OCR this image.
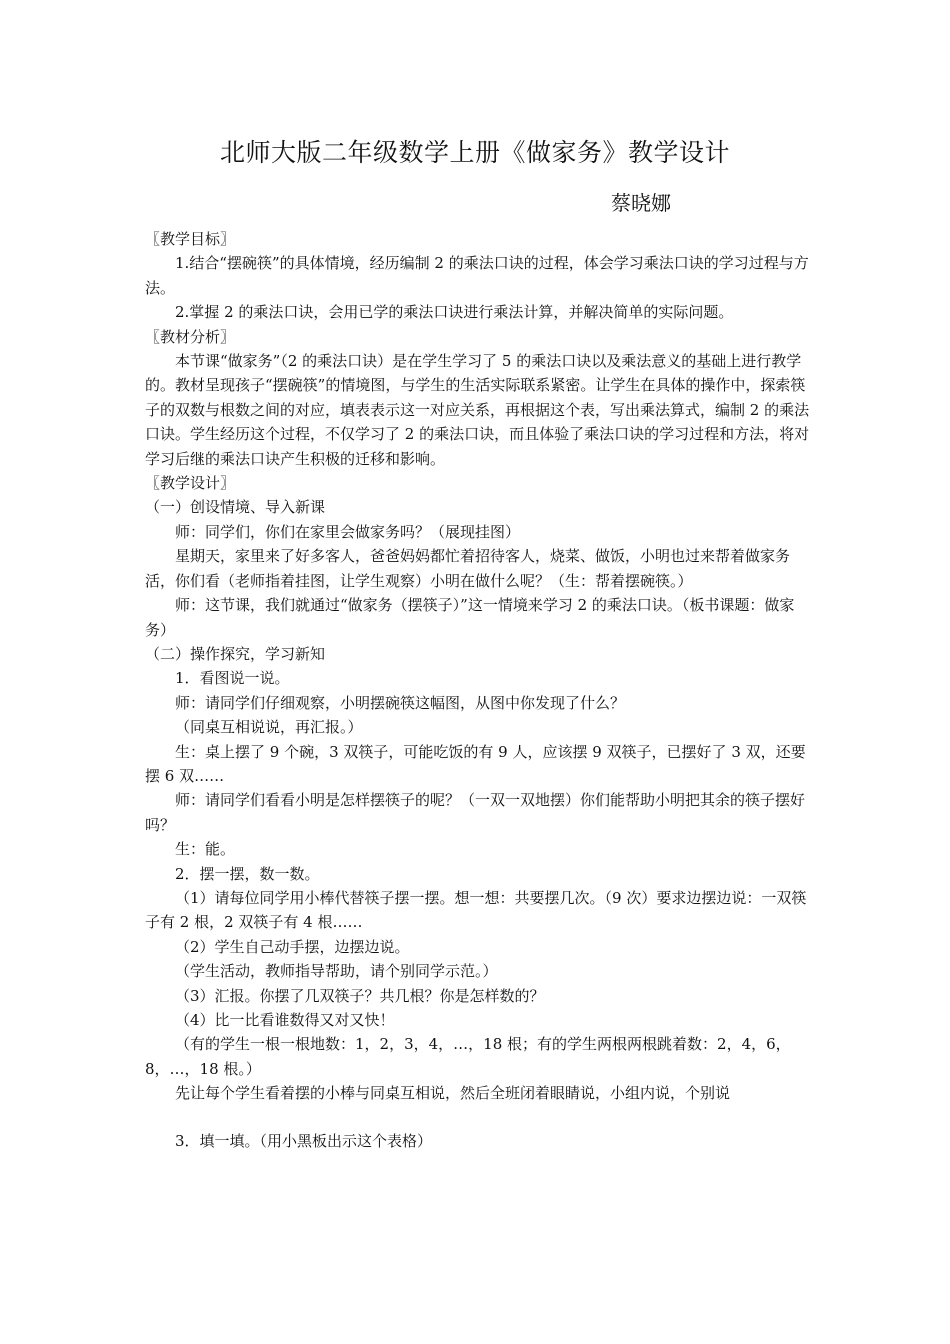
北师大版二年级数学上册《做家务》教学设计
蔡晓娜

〖教学目标〗

1.结合“摆碗筷”的具体情境，经历编制 2 的乘法口诀的过程，体会学习乘法口诀的学习过程与方法。

2.掌握 2 的乘法口诀，会用已学的乘法口诀进行乘法计算，并解决简单的实际问题。

〖教材分析〗

本节课“做家务”（2 的乘法口诀）是在学生学习了 5 的乘法口诀以及乘法意义的基础上进行教学的。教材呈现孩子“摆碗筷”的情境图，与学生的生活实际联系紧密。让学生在具体的操作中，探索筷子的双数与根数之间的对应，填表表示这一对应关系，再根据这个表，写出乘法算式，编制 2 的乘法口诀。学生经历这个过程，不仅学习了 2 的乘法口诀，而且体验了乘法口诀的学习过程和方法，将对学习后继的乘法口诀产生积极的迁移和影响。

〖教学设计〗

（一）创设情境、导入新课

师：同学们，你们在家里会做家务吗？（展现挂图）

星期天，家里来了好多客人，爸爸妈妈都忙着招待客人，烧菜、做饭，小明也过来帮着做家务活，你们看（老师指着挂图，让学生观察）小明在做什么呢？（生：帮着摆碗筷。）

师：这节课，我们就通过“做家务（摆筷子）”这一情境来学习 2 的乘法口诀。（板书课题：做家务）

（二）操作探究，学习新知

1．看图说一说。

师：请同学们仔细观察，小明摆碗筷这幅图，从图中你发现了什么？

（同桌互相说说，再汇报。）

生：桌上摆了 9 个碗，3 双筷子，可能吃饭的有 9 人，应该摆 9 双筷子，已摆好了 3 双，还要摆 6 双……

师：请同学们看看小明是怎样摆筷子的呢？（一双一双地摆）你们能帮助小明把其余的筷子摆好吗？

生：能。

2．摆一摆，数一数。

（1）请每位同学用小棒代替筷子摆一摆。想一想：共要摆几次。（9 次）要求边摆边说：一双筷子有 2 根，2 双筷子有 4 根……

（2）学生自己动手摆，边摆边说。

（学生活动，教师指导帮助，请个别同学示范。）

（3）汇报。你摆了几双筷子？共几根？你是怎样数的？

（4）比一比看谁数得又对又快！

（有的学生一根一根地数：1，2，3，4，…，18 根；有的学生两根两根跳着数：2，4，6，8，…，18 根。）

先让每个学生看着摆的小棒与同桌互相说，然后全班闭着眼睛说，小组内说，个别说

3．填一填。（用小黑板出示这个表格）
